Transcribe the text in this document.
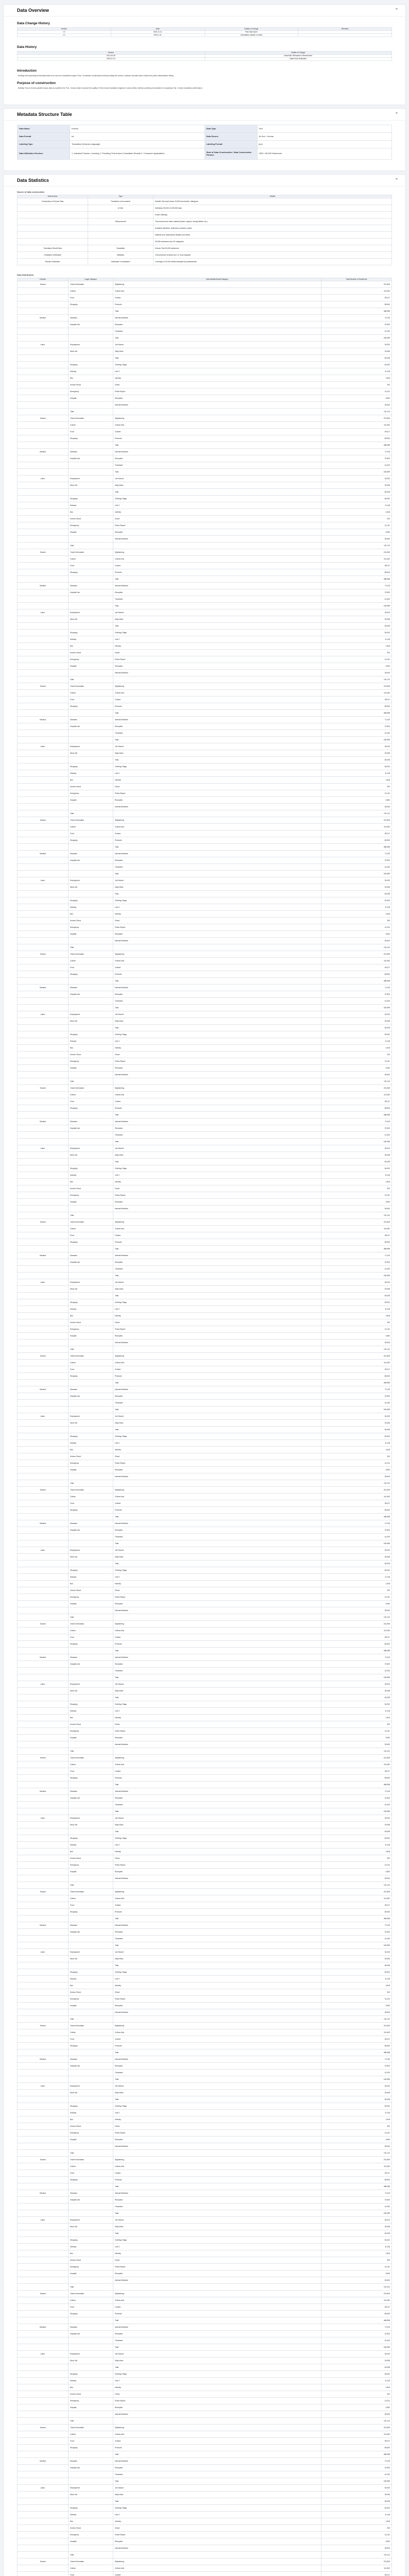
Data Overview	⌃
Data Change History
Version	Date	Details of Change	Remarks
1.0	2022-11-11	First Data Open	
1.1	2023-1-11	Information Update on Data	
Data History
Version	Details of Change
2021.06.30	Data Built, Released to Researchers
2023.01.10	Data Final Verification
Introduction

- Building and expanding AI-learnable data to be used as a translation engine (Thai - Korean)/for multicultural media (including the tourism, medical, domestic labor market and public administration fields).

Purpose of construction

- Building Thai-to-Korean parallel corpus data as a platform for Thai - Korean data to improve the quality of Thai-Korean translation engines in various fields, thereby providing a foundation for expanding Thai - Korean translation performance.

Metadata Structure Table	⌃
Data Name	Korean	Data Type	Text
Data Format	txt	Data Source	AI Hub - Korean
Labeling Type	Translation (Korean-Language)	Labeling Format	json
Data Utilization Services	1. Industrial Tourism, Learning 2. Providing Thai-Korean Translation Results 3. Consumer Applications	Start of Data Construction / Data Construction Finance	2022 / 90,000 Sentences
Data Statistics	⌃
Source of data construction
Data Source	Type	Details
Construction of Source Data	Translation of documents	Parallel Thai and Korean 20,000 documents / dialogues
	AI Hub	Selecting 100,000 of 200,000 data
		Public Offerings
	Self-produced	Thai sources and other material (travel, support, foreign affairs, etc.)
		Academic literature, textbooks, business, public
		Material from multicultural families and others
		30,000 sentences from 20 categories
Translation Result Data	Translation	Korean-Thai 90,000 sentences
Translation Verification	Validation	Thai sentence reviewed by 2 or more linguists
Results Verification	Verification of translation	Coverage of 10,000 verified samples by professionals
Data Distribution
Domain	Large Category	Intermediate/Small Category	Total Number of Sentences
Tourism	Travel Information	Sightseeing	221,849
	Culture	Culture-Arts	110,452
	Food	Cuisine	89,117
	Shopping	Products	65,540
		Total	486,958
Medical	Diseases	Internal Medicine	72,119
	Hospital Use	Reception	37,820
		Treatment	41,020
		Total	150,959
Labor	Employment	Job Search	34,020
	Work Life	Daily Work	29,008
		Total	63,028
	Shopping	Clothing / Bags	54,002
	Subway	Line 2	11,118
	Bus	Intercity	1,818
	Korean Ghost	Ghost	200
	Emergency	Police Report	13,131
	Hospital	Reception	3,500
		Internal Medicine	28,400
	Total		131,112
Tourism	Travel Information	Sightseeing	221,849
	Culture	Culture-Arts	110,452
	Food	Cuisine	89,117
	Shopping	Products	65,540
		Total	486,958
Medical	Diseases	Internal Medicine	72,119
	Hospital Use	Reception	37,820
		Treatment	41,020
		Total	150,959
Labor	Employment	Job Search	34,020
	Work Life	Daily Work	29,008
		Total	63,028
	Shopping	Clothing / Bags	54,002
	Subway	Line 2	11,118
	Bus	Intercity	1,818
	Korean Ghost	Ghost	200
	Emergency	Police Report	13,131
	Hospital	Reception	3,500
		Internal Medicine	28,400
	Total		131,112
Tourism	Travel Information	Sightseeing	221,849
	Culture	Culture-Arts	110,452
	Food	Cuisine	89,117
	Shopping	Products	65,540
		Total	486,958
Medical	Diseases	Internal Medicine	72,119
	Hospital Use	Reception	37,820
		Treatment	41,020
		Total	150,959
Labor	Employment	Job Search	34,020
	Work Life	Daily Work	29,008
		Total	63,028
	Shopping	Clothing / Bags	54,002
	Subway	Line 2	11,118
	Bus	Intercity	1,818
	Korean Ghost	Ghost	200
	Emergency	Police Report	13,131
	Hospital	Reception	3,500
		Internal Medicine	28,400
	Total		131,112
Tourism	Travel Information	Sightseeing	221,849
	Culture	Culture-Arts	110,452
	Food	Cuisine	89,117
	Shopping	Products	65,540
		Total	486,958
Medical	Diseases	Internal Medicine	72,119
	Hospital Use	Reception	37,820
		Treatment	41,020
		Total	150,959
Labor	Employment	Job Search	34,020
	Work Life	Daily Work	29,008
		Total	63,028
	Shopping	Clothing / Bags	54,002
	Subway	Line 2	11,118
	Bus	Intercity	1,818
	Korean Ghost	Ghost	200
	Emergency	Police Report	13,131
	Hospital	Reception	3,500
		Internal Medicine	28,400
	Total		131,112
Tourism	Travel Information	Sightseeing	221,849
	Culture	Culture-Arts	110,452
	Food	Cuisine	89,117
	Shopping	Products	65,540
		Total	486,958
Medical	Diseases	Internal Medicine	72,119
	Hospital Use	Reception	37,820
		Treatment	41,020
		Total	150,959
Labor	Employment	Job Search	34,020
	Work Life	Daily Work	29,008
		Total	63,028
	Shopping	Clothing / Bags	54,002
	Subway	Line 2	11,118
	Bus	Intercity	1,818
	Korean Ghost	Ghost	200
	Emergency	Police Report	13,131
	Hospital	Reception	3,500
		Internal Medicine	28,400
	Total		131,112
Tourism	Travel Information	Sightseeing	221,849
	Culture	Culture-Arts	110,452
	Food	Cuisine	89,117
	Shopping	Products	65,540
		Total	486,958
Medical	Diseases	Internal Medicine	72,119
	Hospital Use	Reception	37,820
		Treatment	41,020
		Total	150,959
Labor	Employment	Job Search	34,020
	Work Life	Daily Work	29,008
		Total	63,028
	Shopping	Clothing / Bags	54,002
	Subway	Line 2	11,118
	Bus	Intercity	1,818
	Korean Ghost	Ghost	200
	Emergency	Police Report	13,131
	Hospital	Reception	3,500
		Internal Medicine	28,400
	Total		131,112
Tourism	Travel Information	Sightseeing	221,849
	Culture	Culture-Arts	110,452
	Food	Cuisine	89,117
	Shopping	Products	65,540
		Total	486,958
Medical	Diseases	Internal Medicine	72,119
	Hospital Use	Reception	37,820
		Treatment	41,020
		Total	150,959
Labor	Employment	Job Search	34,020
	Work Life	Daily Work	29,008
		Total	63,028
	Shopping	Clothing / Bags	54,002
	Subway	Line 2	11,118
	Bus	Intercity	1,818
	Korean Ghost	Ghost	200
	Emergency	Police Report	13,131
	Hospital	Reception	3,500
		Internal Medicine	28,400
	Total		131,112
Tourism	Travel Information	Sightseeing	221,849
	Culture	Culture-Arts	110,452
	Food	Cuisine	89,117
	Shopping	Products	65,540
		Total	486,958
Medical	Diseases	Internal Medicine	72,119
	Hospital Use	Reception	37,820
		Treatment	41,020
		Total	150,959
Labor	Employment	Job Search	34,020
	Work Life	Daily Work	29,008
		Total	63,028
	Shopping	Clothing / Bags	54,002
	Subway	Line 2	11,118
	Bus	Intercity	1,818
	Korean Ghost	Ghost	200
	Emergency	Police Report	13,131
	Hospital	Reception	3,500
		Internal Medicine	28,400
	Total		131,112
Tourism	Travel Information	Sightseeing	221,849
	Culture	Culture-Arts	110,452
	Food	Cuisine	89,117
	Shopping	Products	65,540
		Total	486,958
Medical	Diseases	Internal Medicine	72,119
	Hospital Use	Reception	37,820
		Treatment	41,020
		Total	150,959
Labor	Employment	Job Search	34,020
	Work Life	Daily Work	29,008
		Total	63,028
	Shopping	Clothing / Bags	54,002
	Subway	Line 2	11,118
	Bus	Intercity	1,818
	Korean Ghost	Ghost	200
	Emergency	Police Report	13,131
	Hospital	Reception	3,500
		Internal Medicine	28,400
	Total		131,112
Tourism	Travel Information	Sightseeing	221,849
	Culture	Culture-Arts	110,452
	Food	Cuisine	89,117
	Shopping	Products	65,540
		Total	486,958
Medical	Diseases	Internal Medicine	72,119
	Hospital Use	Reception	37,820
		Treatment	41,020
		Total	150,959
Labor	Employment	Job Search	34,020
	Work Life	Daily Work	29,008
		Total	63,028
	Shopping	Clothing / Bags	54,002
	Subway	Line 2	11,118
	Bus	Intercity	1,818
	Korean Ghost	Ghost	200
	Emergency	Police Report	13,131
	Hospital	Reception	3,500
		Internal Medicine	28,400
	Total		131,112
Tourism	Travel Information	Sightseeing	221,849
	Culture	Culture-Arts	110,452
	Food	Cuisine	89,117
	Shopping	Products	65,540
		Total	486,958
Medical	Diseases	Internal Medicine	72,119
	Hospital Use	Reception	37,820
		Treatment	41,020
		Total	150,959
Labor	Employment	Job Search	34,020
	Work Life	Daily Work	29,008
		Total	63,028
	Shopping	Clothing / Bags	54,002
	Subway	Line 2	11,118
	Bus	Intercity	1,818
	Korean Ghost	Ghost	200
	Emergency	Police Report	13,131
	Hospital	Reception	3,500
		Internal Medicine	28,400
	Total		131,112
Tourism	Travel Information	Sightseeing	221,849
	Culture	Culture-Arts	110,452
	Food	Cuisine	89,117
	Shopping	Products	65,540
		Total	486,958
Medical	Diseases	Internal Medicine	72,119
	Hospital Use	Reception	37,820
		Treatment	41,020
		Total	150,959
Labor	Employment	Job Search	34,020
	Work Life	Daily Work	29,008
		Total	63,028
	Shopping	Clothing / Bags	54,002
	Subway	Line 2	11,118
	Bus	Intercity	1,818
	Korean Ghost	Ghost	200
	Emergency	Police Report	13,131
	Hospital	Reception	3,500
		Internal Medicine	28,400
	Total		131,112
Tourism	Travel Information	Sightseeing	221,849
	Culture	Culture-Arts	110,452
	Food	Cuisine	89,117
	Shopping	Products	65,540
		Total	486,958
Medical	Diseases	Internal Medicine	72,119
	Hospital Use	Reception	37,820
		Treatment	41,020
		Total	150,959
Labor	Employment	Job Search	34,020
	Work Life	Daily Work	29,008
		Total	63,028
	Shopping	Clothing / Bags	54,002
	Subway	Line 2	11,118
	Bus	Intercity	1,818
	Korean Ghost	Ghost	200
	Emergency	Police Report	13,131
	Hospital	Reception	3,500
		Internal Medicine	28,400
	Total		131,112
Tourism	Travel Information	Sightseeing	221,849
	Culture	Culture-Arts	110,452
	Food	Cuisine	89,117
	Shopping	Products	65,540
		Total	486,958
Medical	Diseases	Internal Medicine	72,119
	Hospital Use	Reception	37,820
		Treatment	41,020
		Total	150,959
Labor	Employment	Job Search	34,020
	Work Life	Daily Work	29,008
		Total	63,028
	Shopping	Clothing / Bags	54,002
	Subway	Line 2	11,118
	Bus	Intercity	1,818
	Korean Ghost	Ghost	200
	Emergency	Police Report	13,131
	Hospital	Reception	3,500
		Internal Medicine	28,400
	Total		131,112
Tourism	Travel Information	Sightseeing	221,849
	Culture	Culture-Arts	110,452
	Food	Cuisine	89,117
	Shopping	Products	65,540
		Total	486,958
Medical	Diseases	Internal Medicine	72,119
	Hospital Use	Reception	37,820
		Treatment	41,020
		Total	150,959
Labor	Employment	Job Search	34,020
	Work Life	Daily Work	29,008
		Total	63,028
	Shopping	Clothing / Bags	54,002
	Subway	Line 2	11,118
	Bus	Intercity	1,818
	Korean Ghost	Ghost	200
	Emergency	Police Report	13,131
	Hospital	Reception	3,500
		Internal Medicine	28,400
	Total		131,112
Tourism	Travel Information	Sightseeing	221,849
	Culture	Culture-Arts	110,452
	Food	Cuisine	89,117
	Shopping	Products	65,540
		Total	486,958
Medical	Diseases	Internal Medicine	72,119
	Hospital Use	Reception	37,820
		Treatment	41,020
		Total	150,959
Labor	Employment	Job Search	34,020
	Work Life	Daily Work	29,008
		Total	63,028
	Shopping	Clothing / Bags	54,002
	Subway	Line 2	11,118
	Bus	Intercity	1,818
	Korean Ghost	Ghost	200
	Emergency	Police Report	13,131
	Hospital	Reception	3,500
		Internal Medicine	28,400
	Total		131,112
Tourism	Travel Information	Sightseeing	221,849
	Culture	Culture-Arts	110,452
	Food	Cuisine	89,117
	Shopping	Products	65,540
		Total	486,958
Medical	Diseases	Internal Medicine	72,119
	Hospital Use	Reception	37,820
		Treatment	41,020
		Total	150,959
Labor	Employment	Job Search	34,020
	Work Life	Daily Work	29,008
		Total	63,028
	Shopping	Clothing / Bags	54,002
	Subway	Line 2	11,118
	Bus	Intercity	1,818
	Korean Ghost	Ghost	200
	Emergency	Police Report	13,131
	Hospital	Reception	3,500
		Internal Medicine	28,400
	Total		131,112
Tourism	Travel Information	Sightseeing	221,849
	Culture	Culture-Arts	110,452
	Food	Cuisine	89,117
